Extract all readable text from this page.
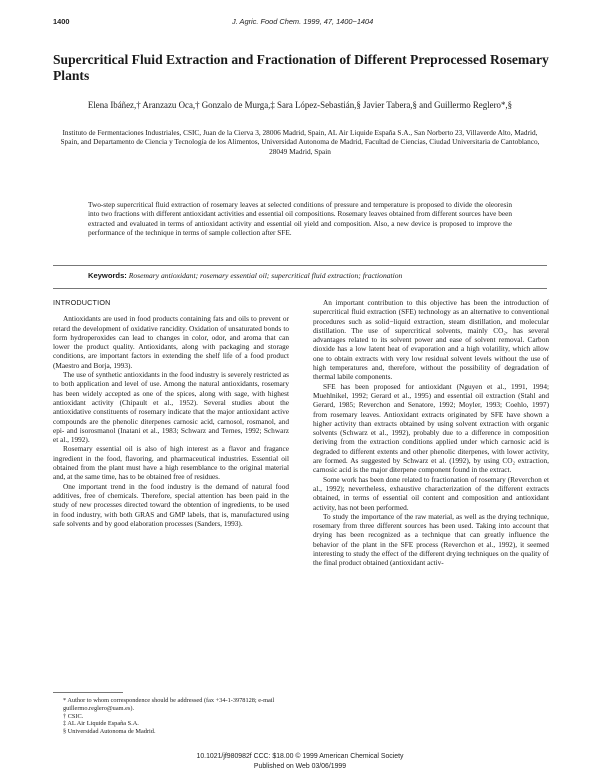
1400	J. Agric. Food Chem. 1999, 47, 1400−1404
Supercritical Fluid Extraction and Fractionation of Different Preprocessed Rosemary Plants
Elena Ibáñez,† Aranzazu Oca,† Gonzalo de Murga,‡ Sara López-Sebastián,§ Javier Tabera,§ and Guillermo Reglero*,§
Instituto de Fermentaciones Industriales, CSIC, Juan de la Cierva 3, 28006 Madrid, Spain, AL Air Liquide España S.A., San Norberto 23, Villaverde Alto, Madrid, Spain, and Departamento de Ciencia y Tecnología de los Alimentos, Universidad Autonoma de Madrid, Facultad de Ciencias, Ciudad Universitaria de Cantoblanco, 28049 Madrid, Spain
Two-step supercritical fluid extraction of rosemary leaves at selected conditions of pressure and temperature is proposed to divide the oleoresin into two fractions with different antioxidant activities and essential oil compositions. Rosemary leaves obtained from different sources have been extracted and evaluated in terms of antioxidant activity and essential oil yield and composition. Also, a new device is proposed to improve the performance of the technique in terms of sample collection after SFE.
Keywords: Rosemary antioxidant; rosemary essential oil; supercritical fluid extraction; fractionation

INTRODUCTION

Antioxidants are used in food products containing fats and oils to prevent or retard the development of oxidative rancidity. Oxidation of unsaturated bonds to form hydroperoxides can lead to changes in color, odor, and aroma that can lower the product quality. Antioxidants, along with packaging and storage conditions, are important factors in extending the shelf life of a food product (Maestro and Borja, 1993).

The use of synthetic antioxidants in the food industry is severely restricted as to both application and level of use. Among the natural antioxidants, rosemary has been widely accepted as one of the spices, along with sage, with highest antioxidant activity (Chipault et al., 1952). Several studies about the antioxidative constituents of rosemary indicate that the major antioxidant active compounds are the phenolic diterpenes carnosic acid, carnosol, rosmanol, and epi- and isorosmanol (Inatani et al., 1983; Schwarz and Ternes, 1992; Schwarz et al., 1992).

Rosemary essential oil is also of high interest as a flavor and fragance ingredient in the food, flavoring, and pharmaceutical industries. Essential oil obtained from the plant must have a high resemblance to the original material and, at the same time, has to be obtained free of residues.

One important trend in the food industry is the demand of natural food additives, free of chemicals. Therefore, special attention has been paid in the study of new processes directed toward the obtention of ingredients, to be used in food industry, with both GRAS and GMP labels, that is, manufactured using safe solvents and by good elaboration processes (Sanders, 1993).

An important contribution to this objective has been the introduction of supercritical fluid extraction (SFE) technology as an alternative to conventional procedures such as solid−liquid extraction, steam distillation, and molecular distillation. The use of supercritical solvents, mainly CO₂, has several advantages related to its solvent power and ease of solvent removal. Carbon dioxide has a low latent heat of evaporation and a high volatility, which allow one to obtain extracts with very low residual solvent levels without the use of high temperatures and, therefore, without the possibility of degradation of thermal labile components.

SFE has been proposed for antioxidant (Nguyen et al., 1991, 1994; Muehlnikel, 1992; Gerard et al., 1995) and essential oil extraction (Stahl and Gerard, 1985; Reverchon and Senatore, 1992; Moyler, 1993; Coehlo, 1997) from rosemary leaves. Antioxidant extracts originated by SFE have shown a higher activity than extracts obtained by using solvent extraction with organic solvents (Schwarz et al., 1992), probably due to a difference in composition deriving from the extraction conditions applied under which carnosic acid is degraded to different extents and other phenolic diterpenes, with lower activity, are formed. As suggested by Schwarz et al. (1992), by using CO₂ extraction, carnosic acid is the major diterpene component found in the extract.

Some work has been done related to fractionation of rosemary (Reverchon et al., 1992); nevertheless, exhaustive characterization of the different extracts obtained, in terms of essential oil content and composition and antioxidant activity, has not been performed.

To study the importance of the raw material, as well as the drying technique, rosemary from three different sources has been used. Taking into account that drying has been recognized as a technique that can greatly influence the behavior of the plant in the SFE process (Reverchon et al., 1992), it seemed interesting to study the effect of the different drying techniques on the quality of the final product obtained (antioxidant activ-

* Author to whom correspondence should be addressed (fax +34-1-3978128; e-mail guillermo.reglero@uam.es).
† CSIC.
‡ AL Air Liquide España S.A.
§ Universidad Autonoma de Madrid.
10.1021/jf980982f CCC: $18.00 © 1999 American Chemical Society
Published on Web 03/06/1999
